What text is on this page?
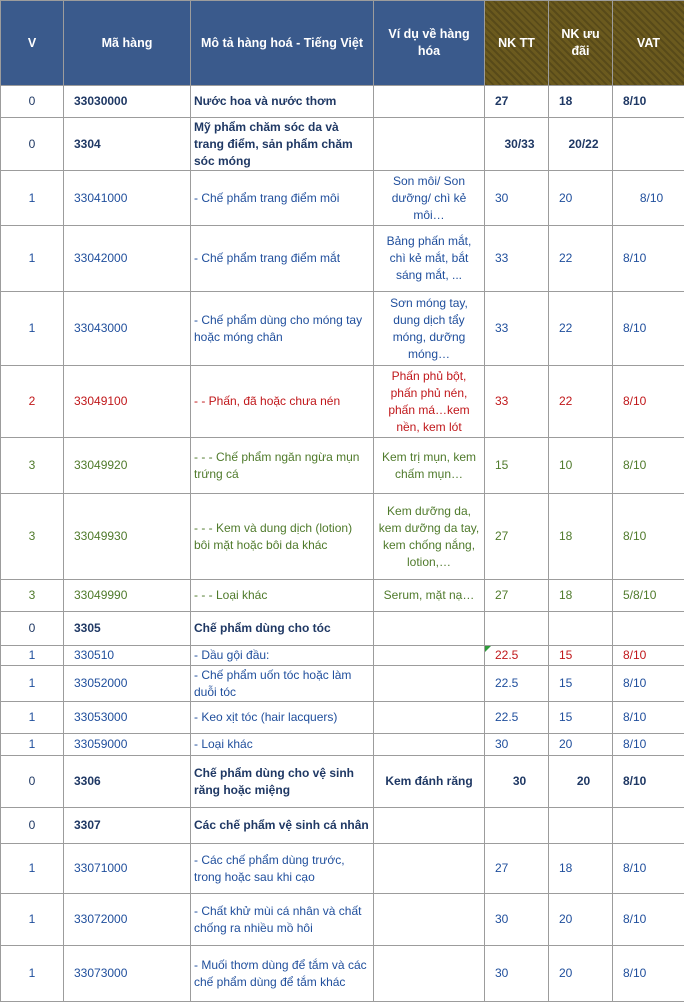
V	Mã hàng	Mô tả hàng hoá - Tiếng Việt	Ví dụ về hàng hóa	NK TT	NK ưu đãi	VAT

0	33030000	Nước hoa và nước thơm		27	18	8/10

0	3304	Mỹ phẩm chăm sóc da và trang điểm, sản phẩm chăm sóc móng		30/33	20/22	

1	33041000	- Chế phẩm trang điểm môi	Son môi/ Son dưỡng/ chì kẻ môi…	30	20	8/10

1	33042000	- Chế phẩm trang điểm mắt	Bảng phấn mắt, chì kẻ mắt, bắt sáng mắt, ...	33	22	8/10

1	33043000	- Chế phẩm dùng cho móng tay hoặc móng chân	Sơn móng tay, dung dịch tẩy móng, dưỡng móng…	33	22	8/10

2	33049100	- - Phấn, đã hoặc chưa nén	Phấn phủ bột, phấn phủ nén, phấn má…kem nền, kem lót	33	22	8/10

3	33049920	- - - Chế phẩm ngăn ngừa mụn trứng cá	Kem trị mụn, kem chấm mụn…	15	10	8/10

3	33049930	- - - Kem và dung dịch (lotion) bôi mặt hoặc bôi da khác	Kem dưỡng da, kem dưỡng da tay, kem chống nắng, lotion,…	27	18	8/10

3	33049990	- - - Loại khác	Serum, mặt nạ…	27	18	5/8/10

0	3305	Chế phẩm dùng cho tóc				

1	330510	- Dầu gội đầu:		22.5	15	8/10

1	33052000	- Chế phẩm uốn tóc hoặc làm duỗi tóc		22.5	15	8/10

1	33053000	- Keo xịt tóc (hair lacquers)		22.5	15	8/10

1	33059000	- Loại khác		30	20	8/10

0	3306	Chế phẩm dùng cho vệ sinh răng hoặc miệng	Kem đánh răng	30	20	8/10

0	3307	Các chế phẩm vệ sinh cá nhân				

1	33071000	- Các chế phẩm dùng trước, trong hoặc sau khi cạo		27	18	8/10

1	33072000	- Chất khử mùi cá nhân và chất chống ra nhiều mồ hôi		30	20	8/10

1	33073000	- Muối thơm dùng để tắm và các chế phẩm dùng để tắm khác		30	20	8/10
